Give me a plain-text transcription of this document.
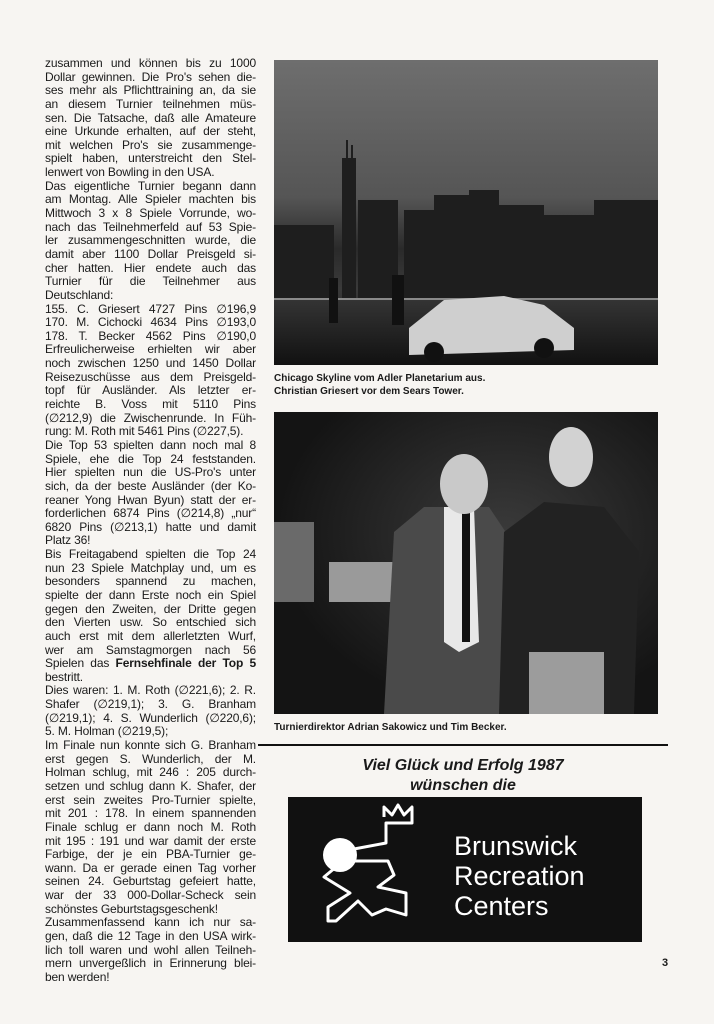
zusammen und können bis zu 1000
Dollar gewinnen. Die Pro's sehen die-
ses mehr als Pflichttraining an, da sie
an diesem Turnier teilnehmen müs-
sen. Die Tatsache, daß alle Amateure
eine Urkunde erhalten, auf der steht,
mit welchen Pro's sie zusammenge-
spielt haben, unterstreicht den Stel-
lenwert von Bowling in den USA.
Das eigentliche Turnier begann dann
am Montag. Alle Spieler machten bis
Mittwoch 3 x 8 Spiele Vorrunde, wo-
nach das Teilnehmerfeld auf 53 Spie-
ler zusammengeschnitten wurde, die
damit aber 1100 Dollar Preisgeld si-
cher hatten. Hier endete auch das
Turnier für die Teilnehmer aus
Deutschland:
155. C. Griesert 4727 Pins ∅196,9
170. M. Cichocki 4634 Pins ∅193,0
178. T. Becker 4562 Pins ∅190,0
Erfreulicherweise erhielten wir aber
noch zwischen 1250 und 1450 Dollar
Reisezuschüsse aus dem Preisgeld-
topf für Ausländer. Als letzter er-
reichte B. Voss mit 5110 Pins
(∅212,9) die Zwischenrunde. In Füh-
rung: M. Roth mit 5461 Pins (∅227,5).
Die Top 53 spielten dann noch mal 8
Spiele, ehe die Top 24 feststanden.
Hier spielten nun die US-Pro's unter
sich, da der beste Ausländer (der Ko-
reaner Yong Hwan Byun) statt der er-
forderlichen 6874 Pins (∅214,8) „nur“
6820 Pins (∅213,1) hatte und damit
Platz 36!
Bis Freitagabend spielten die Top 24
nun 23 Spiele Matchplay und, um es
besonders spannend zu machen,
spielte der dann Erste noch ein Spiel
gegen den Zweiten, der Dritte gegen
den Vierten usw. So entschied sich
auch erst mit dem allerletzten Wurf,
wer am Samstagmorgen nach 56
Spielen das Fernsehfinale der Top 5
bestritt.
Dies waren: 1. M. Roth (∅221,6); 2. R.
Shafer (∅219,1); 3. G. Branham
(∅219,1); 4. S. Wunderlich (∅220,6);
5. M. Holman (∅219,5);
Im Finale nun konnte sich G. Branham
erst gegen S. Wunderlich, der M.
Holman schlug, mit 246 : 205 durch-
setzen und schlug dann K. Shafer, der
erst sein zweites Pro-Turnier spielte,
mit 201 : 178. In einem spannenden
Finale schlug er dann noch M. Roth
mit 195 : 191 und war damit der erste
Farbige, der je ein PBA-Turnier ge-
wann. Da er gerade einen Tag vorher
seinen 24. Geburtstag gefeiert hatte,
war der 33 000-Dollar-Scheck sein
schönstes Geburtstagsgeschenk!
Zusammenfassend kann ich nur sa-
gen, daß die 12 Tage in den USA wirk-
lich toll waren und wohl allen Teilneh-
mern unvergeßlich in Erinnerung blei-
ben werden!
Chicago Skyline vom Adler Planetarium aus.
Christian Griesert vor dem Sears Tower.
Turnierdirektor Adrian Sakowicz und Tim Becker.
Viel Glück und Erfolg 1987
wünschen die
Brunswick
Recreation
Centers
3
